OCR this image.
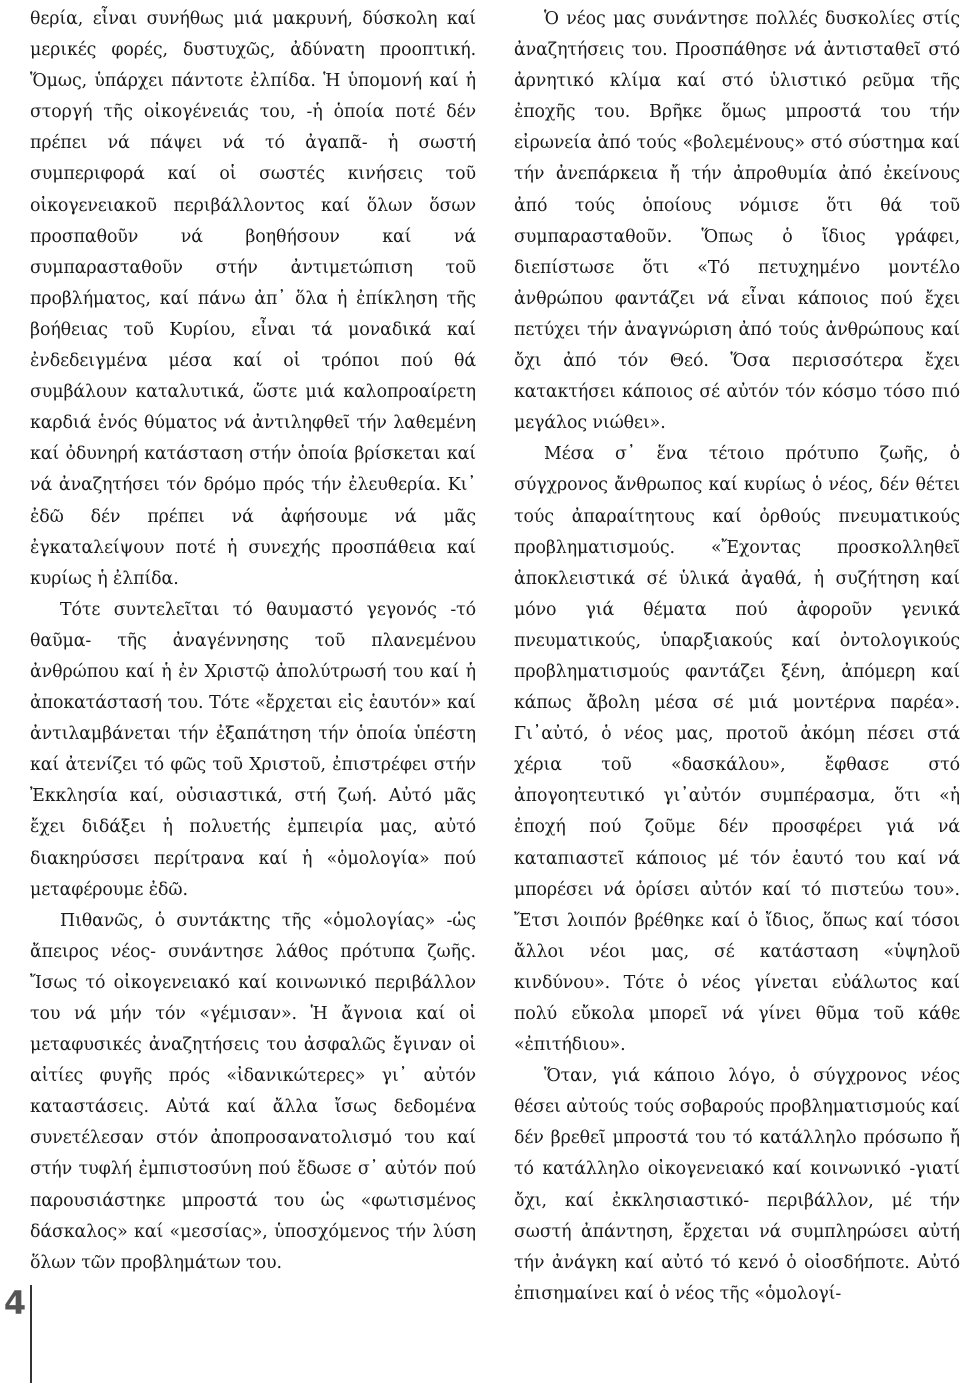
θερία, εἶναι συνήθως μιά μακρυνή, δύσκολη καί μερικές φορές, δυστυχῶς, ἀδύνατη προοπτική. Ὅμως, ὑπάρχει πάντοτε ἐλπίδα. Ἡ ὑπομονή καί ἡ στοργή τῆς οἰκογένειάς του, -ἡ ὁποία ποτέ δέν πρέπει νά πάψει νά τό ἀγαπᾶ- ἡ σωστή συμπεριφορά καί οἱ σωστές κινήσεις τοῦ οἰκογενειακοῦ περιβάλλοντος καί ὅλων ὅσων προσπαθοῦν νά βοηθήσουν καί νά συμπαρασταθοῦν στήν ἀντιμετώπιση τοῦ προβλήματος, καί πάνω ἀπ᾽ ὅλα ἡ ἐπίκληση τῆς βοήθειας τοῦ Κυρίου, εἶναι τά μοναδικά καί ἐνδεδειγμένα μέσα καί οἱ τρόποι πού θά συμβάλουν καταλυτικά, ὥστε μιά καλοπροαίρετη καρδιά ἑνός θύματος νά ἀντιληφθεῖ τήν λαθεμένη καί ὀδυνηρή κατάσταση στήν ὁποία βρίσκεται καί νά ἀναζητήσει τόν δρόμο πρός τήν ἐλευθερία. Κι᾽ ἐδῶ δέν πρέπει νά ἀφήσουμε νά μᾶς ἐγκαταλείψουν ποτέ ἡ συνεχής προσπάθεια καί κυρίως ἡ ἐλπίδα.

Τότε συντελεῖται τό θαυμαστό γεγονός -τό θαῦμα- τῆς ἀναγέννησης τοῦ πλανεμένου ἀνθρώπου καί ἡ ἐν Χριστῷ ἀπολύτρωσή του καί ἡ ἀποκατάστασή του. Τότε «ἔρχεται εἰς ἑαυτόν» καί ἀντιλαμβάνεται τήν ἐξαπάτηση τήν ὁποία ὑπέστη καί ἀτενίζει τό φῶς τοῦ Χριστοῦ, ἐπιστρέφει στήν Ἐκκλησία καί, οὐσιαστικά, στή ζωή. Αὐτό μᾶς ἔχει διδάξει ἡ πολυετής ἐμπειρία μας, αὐτό διακηρύσσει περίτρανα καί ἡ «ὁμολογία» πού μεταφέρουμε ἐδῶ.

Πιθανῶς, ὁ συντάκτης τῆς «ὁμολογίας» -ὡς ἄπειρος νέος- συνάντησε λάθος πρότυπα ζωῆς. Ἴσως τό οἰκογενειακό καί κοινωνικό περιβάλλον του νά μήν τόν «γέμισαν». Ἡ ἄγνοια καί οἱ μεταφυσικές ἀναζητήσεις του ἀσφαλῶς ἔγιναν οἱ αἰτίες φυγῆς πρός «ἰδανικώτερες» γι᾽ αὐτόν καταστάσεις. Αὐτά καί ἄλλα ἴσως δεδομένα συνετέλεσαν στόν ἀποπροσανατολισμό του καί στήν τυφλή ἐμπιστοσύνη πού ἔδωσε σ᾽ αὐτόν πού παρουσιάστηκε μπροστά του ὡς «φωτισμένος δάσκαλος» καί «μεσσίας», ὑποσχόμενος τήν λύση ὅλων τῶν προβλημάτων του.

Ὁ νέος μας συνάντησε πολλές δυσκολίες στίς ἀναζητήσεις του. Προσπάθησε νά ἀντισταθεῖ στό ἀρνητικό κλίμα καί στό ὑλιστικό ρεῦμα τῆς ἐποχῆς του. Βρῆκε ὅμως μπροστά του τήν εἰρωνεία ἀπό τούς «βολεμένους» στό σύστημα καί τήν ἀνεπάρκεια ἤ τήν ἀπροθυμία ἀπό ἐκείνους ἀπό τούς ὁποίους νόμισε ὅτι θά τοῦ συμπαρασταθοῦν. Ὅπως ὁ ἴδιος γράφει, διεπίστωσε ὅτι «Τό πετυχημένο μοντέλο ἀνθρώπου φαντάζει νά εἶναι κάποιος πού ἔχει πετύχει τήν ἀναγνώριση ἀπό τούς ἀνθρώπους καί ὄχι ἀπό τόν Θεό. Ὅσα περισσότερα ἔχει κατακτήσει κάποιος σέ αὐτόν τόν κόσμο τόσο πιό μεγάλος νιώθει».

Μέσα σ᾽ ἕνα τέτοιο πρότυπο ζωῆς, ὁ σύγχρονος ἄνθρωπος καί κυρίως ὁ νέος, δέν θέτει τούς ἀπαραίτητους καί ὀρθούς πνευματικούς προβληματισμούς. «Ἔχοντας προσκολληθεῖ ἀποκλειστικά σέ ὑλικά ἀγαθά, ἡ συζήτηση καί μόνο γιά θέματα πού ἀφοροῦν γενικά πνευματικούς, ὑπαρξιακούς καί ὀντολογικούς προβληματισμούς φαντάζει ξένη, ἀπόμερη καί κάπως ἄβολη μέσα σέ μιά μοντέρνα παρέα». Γι᾽αὐτό, ὁ νέος μας, προτοῦ ἀκόμη πέσει στά χέρια τοῦ «δασκάλου», ἔφθασε στό ἀπογοητευτικό γι᾽αὐτόν συμπέρασμα, ὅτι «ἡ ἐποχή πού ζοῦμε δέν προσφέρει γιά νά καταπιαστεῖ κάποιος μέ τόν ἑαυτό του καί νά μπορέσει νά ὁρίσει αὐτόν καί τό πιστεύω του». Ἔτσι λοιπόν βρέθηκε καί ὁ ἴδιος, ὅπως καί τόσοι ἄλλοι νέοι μας, σέ κατάσταση «ὑψηλοῦ κινδύνου». Τότε ὁ νέος γίνεται εὐάλωτος καί πολύ εὔκολα μπορεῖ νά γίνει θῦμα τοῦ κάθε «ἐπιτήδιου».

Ὅταν, γιά κάποιο λόγο, ὁ σύγχρονος νέος θέσει αὐτούς τούς σοβαρούς προβληματισμούς καί δέν βρεθεῖ μπροστά του τό κατάλληλο πρόσωπο ἤ τό κατάλληλο οἰκογενειακό καί κοινωνικό -γιατί ὄχι, καί ἐκκλησιαστικό- περιβάλλον, μέ τήν σωστή ἀπάντηση, ἔρχεται νά συμπληρώσει αὐτή τήν ἀνάγκη καί αὐτό τό κενό ὁ οἰοσδήποτε. Αὐτό ἐπισημαίνει καί ὁ νέος τῆς «ὁμολογί-

4
